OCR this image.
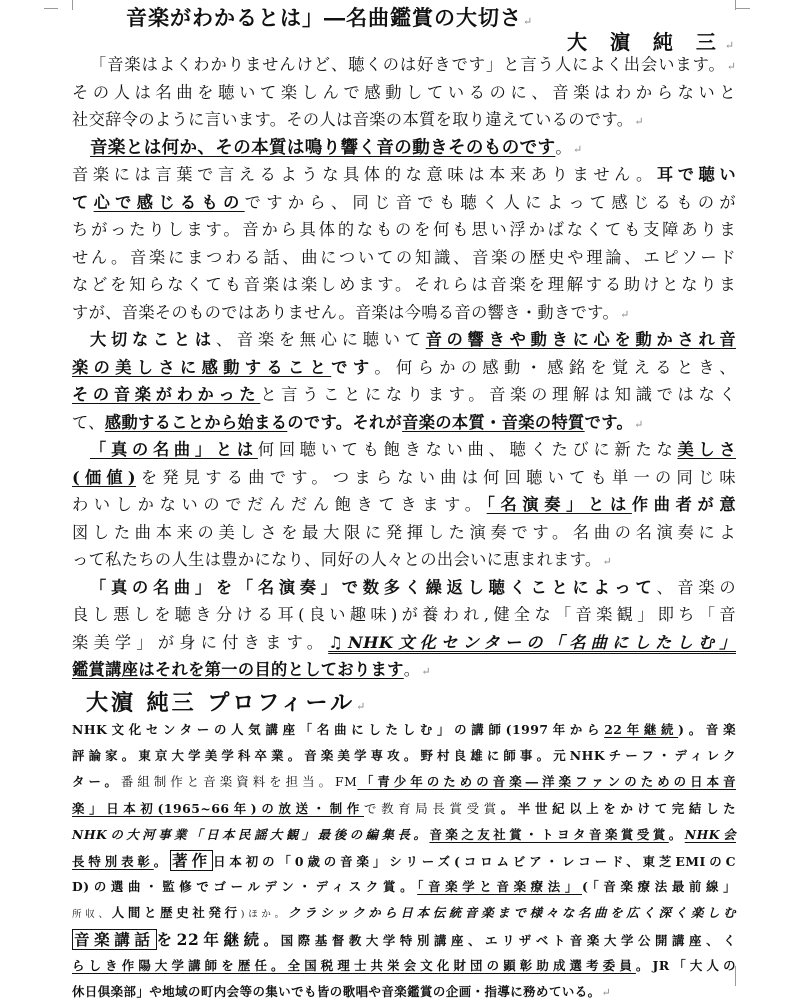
音楽がわかるとは」―名曲鑑賞の大切さ↵
大 濵 純 三↵
「音楽はよくわかりませんけど、聴くのは好きです」と言う人によく出会います。↵
その人は名曲を聴いて楽しんで感動しているのに、音楽はわからないと
社交辞令のように言います。その人は音楽の本質を取り違えているのです。↵
音楽とは何か、その本質は鳴り響く音の動きそのものです。↵
音楽には言葉で言えるような具体的な意味は本来ありません。耳で聴い
て心で感じるものですから、同じ音でも聴く人によって感じるものが
ちがったりします。音から具体的なものを何も思い浮かばなくても支障ありま
せん。音楽にまつわる話、曲についての知識、音楽の歴史や理論、エピソード
などを知らなくても音楽は楽しめます。それらは音楽を理解する助けとなりま
すが、音楽そのものではありません。音楽は今鳴る音の響き・動きです。↵
大切なことは、音楽を無心に聴いて音の響きや動きに心を動かされ音
楽の美しさに感動することです。何らかの感動・感銘を覚えるとき、
その音楽がわかったと言うことになります。音楽の理解は知識ではなく
て、感動することから始まるのです。それが音楽の本質・音楽の特質です。↵
「真の名曲」とは何回聴いても飽きない曲、聴くたびに新たな美しさ
(価値)を発見する曲です。つまらない曲は何回聴いても単一の同じ味
わいしかないのでだんだん飽きてきます。「名演奏」とは作曲者が意
図した曲本来の美しさを最大限に発揮した演奏です。名曲の名演奏によ
って私たちの人生は豊かになり、同好の人々との出会いに恵まれます。↵
「真の名曲」を「名演奏」で数多く繰返し聴くことによって、音楽の
良し悪しを聴き分ける耳(良い趣味)が養われ,健全な「音楽観」即ち「音
楽美学」が身に付きます。♫NHK文化センターの「名曲にしたしむ」
鑑賞講座はそれを第一の目的としております。↵
大濵 純三 プロフィール↵
NHK文化センターの人気講座「名曲にしたしむ」の講師(1997年から22年継続)。音楽
評論家。東京大学美学科卒業。音楽美学専攻。野村良雄に師事。元NHKチーフ・ディレク
ター。番組制作と音楽資料を担当。FM「青少年のための音楽―洋楽ファンのための日本音
楽」日本初(1965~66年)の放送・制作で教育局長賞受賞。半世紀以上をかけて完結した
NHKの大河事業「日本民謡大観」最後の編集長。音楽之友社賞・トヨタ音楽賞受賞。NHK会
長特別表彰。 著作 日本初の「0歳の音楽」シリーズ(コロムビア・レコード、東芝EMIのC
D)の選曲・監修でゴールデン・ディスク賞。「音楽学と音楽療法」(「音楽療法最前線」
所収、人間と歴史社発行)ほか。クラシックから日本伝統音楽まで様々な名曲を広く深く楽しむ
音楽講話 を22年継続。国際基督教大学特別講座、エリザベト音楽大学公開講座、く
らしき作陽大学講師を歴任。全国税理士共栄会文化財団の顕彰助成選考委員。JR「大人の
休日倶楽部」や地域の町内会等の集いでも皆の歌唱や音楽鑑賞の企画・指導に務めている。↵
